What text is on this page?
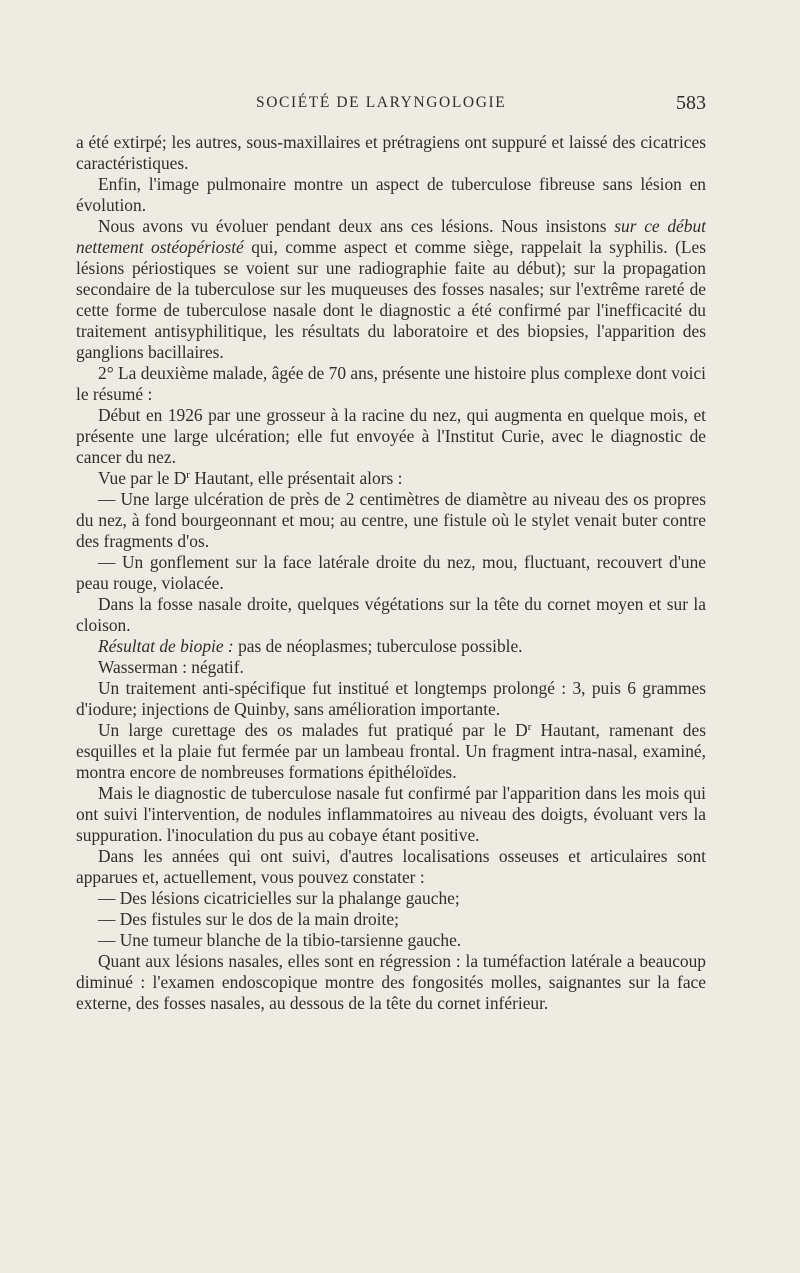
SOCIÉTÉ DE LARYNGOLOGIE	583

a été extirpé; les autres, sous-maxillaires et prétragiens ont suppuré et laissé des cicatrices caractéristiques.

Enfin, l'image pulmonaire montre un aspect de tuberculose fibreuse sans lésion en évolution.

Nous avons vu évoluer pendant deux ans ces lésions. Nous insistons sur ce début nettement ostéopériosté qui, comme aspect et comme siège, rappelait la syphilis. (Les lésions périostiques se voient sur une radiographie faite au début); sur la propagation secondaire de la tuberculose sur les muqueuses des fosses nasales; sur l'extrême rareté de cette forme de tuberculose nasale dont le diagnostic a été confirmé par l'inefficacité du traitement antisyphilitique, les résultats du laboratoire et des biopsies, l'apparition des ganglions bacillaires.

2° La deuxième malade, âgée de 70 ans, présente une histoire plus complexe dont voici le résumé :

Début en 1926 par une grosseur à la racine du nez, qui augmenta en quelque mois, et présente une large ulcération; elle fut envoyée à l'Institut Curie, avec le diagnostic de cancer du nez.

Vue par le $D^r$ Hautant, elle présentait alors :

— Une large ulcération de près de 2 centimètres de diamètre au niveau des os propres du nez, à fond bourgeonnant et mou; au centre, une fistule où le stylet venait buter contre des fragments d'os.

— Un gonflement sur la face latérale droite du nez, mou, fluctuant, recouvert d'une peau rouge, violacée.

Dans la fosse nasale droite, quelques végétations sur la tête du cornet moyen et sur la cloison.

Résultat de biopie : pas de néoplasmes; tuberculose possible.

Wasserman : négatif.

Un traitement anti-spécifique fut institué et longtemps prolongé : 3, puis 6 grammes d'iodure; injections de Quinby, sans amélioration importante.

Un large curettage des os malades fut pratiqué par le $D^r$ Hautant, ramenant des esquilles et la plaie fut fermée par un lambeau frontal. Un fragment intra-nasal, examiné, montra encore de nombreuses formations épithéloïdes.

Mais le diagnostic de tuberculose nasale fut confirmé par l'apparition dans les mois qui ont suivi l'intervention, de nodules inflammatoires au niveau des doigts, évoluant vers la suppuration. l'inoculation du pus au cobaye étant positive.

Dans les années qui ont suivi, d'autres localisations osseuses et articulaires sont apparues et, actuellement, vous pouvez constater :

— Des lésions cicatricielles sur la phalange gauche;

— Des fistules sur le dos de la main droite;

— Une tumeur blanche de la tibio-tarsienne gauche.

Quant aux lésions nasales, elles sont en régression : la tuméfaction latérale a beaucoup diminué : l'examen endoscopique montre des fongosités molles, saignantes sur la face externe, des fosses nasales, au dessous de la tête du cornet inférieur.
